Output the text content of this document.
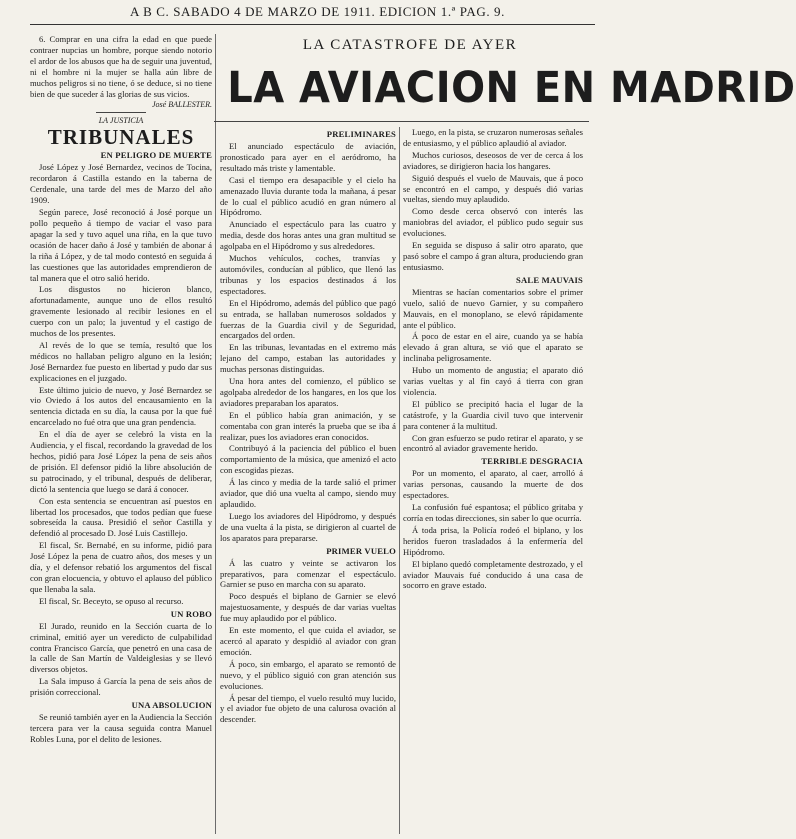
A B C. SABADO 4 DE MARZO DE 1911. EDICION 1.ª PAG. 9.

6. Comprar en una cifra la edad en que puede contraer nupcias un hombre, porque siendo notorio el ardor de los abusos que ha de seguir una juventud, ni el hombre ni la mujer se halla aún libre de muchos peligros si no tiene, ó se deduce, si no tiene bien de que suceder á las glorias de sus vicios.

José BALLESTER.
LA JUSTICIA
TRIBUNALES
EN PELIGRO DE MUERTE

José López y José Bernardez, vecinos de Tocina, recordaron á Castilla estando en la taberna de Cerdenale, una tarde del mes de Marzo del año 1909.

Según parece, José reconoció á José porque un pollo pequeño á tiempo de vaciar el vaso para apagar la sed y tuvo aquel una riña, en la que tuvo ocasión de hacer daño á José y también de abonar á la riña á López, y de tal modo contestó en seguida á las cuestiones que las autoridades emprendieron de tal manera que el otro salió herido.

Los disgustos no hicieron blanco, afortunadamente, aunque uno de ellos resultó gravemente lesionado al recibir lesiones en el cuerpo con un palo; la juventud y el castigo de muchos de los presentes.

Al revés de lo que se temía, resultó que los médicos no hallaban peligro alguno en la lesión; José Bernardez fue puesto en libertad y pudo dar sus explicaciones en el juzgado.

Este último juicio de nuevo, y José Bernardez se vio Oviedo á los autos del encausamiento en la sentencia dictada en su día, la causa por la que fué encarcelado no fué otra que una gran pendencia.

En el día de ayer se celebró la vista en la Audiencia, y el fiscal, recordando la gravedad de los hechos, pidió para José López la pena de seis años de prisión. El defensor pidió la libre absolución de su patrocinado, y el tribunal, después de deliberar, dictó la sentencia que luego se dará á conocer.

Con esta sentencia se encuentran así puestos en libertad los procesados, que todos pedían que fuese sobreseída la causa. Presidió el señor Castilla y defendió al procesado D. José Luis Castillejo.

El fiscal, Sr. Bernabé, en su informe, pidió para José López la pena de cuatro años, dos meses y un día, y el defensor rebatió los argumentos del fiscal con gran elocuencia, y obtuvo el aplauso del público que llenaba la sala.

El fiscal, Sr. Beceyto, se opuso al recurso.

UN ROBO

El Jurado, reunido en la Sección cuarta de lo criminal, emitió ayer un veredicto de culpabilidad contra Francisco García, que penetró en una casa de la calle de San Martín de Valdeiglesias y se llevó diversos objetos.

La Sala impuso á García la pena de seis años de prisión correccional.

UNA ABSOLUCION

Se reunió también ayer en la Audiencia la Sección tercera para ver la causa seguida contra Manuel Robles Luna, por el delito de lesiones.

LA CATASTROFE DE AYER
LA AVIACION EN MADRID
PRELIMINARES

El anunciado espectáculo de aviación, pronosticado para ayer en el aeródromo, ha resultado más triste y lamentable.

Casi el tiempo era desapacible y el cielo ha amenazado lluvia durante toda la mañana, á pesar de lo cual el público acudió en gran número al Hipódromo.

Anunciado el espectáculo para las cuatro y media, desde dos horas antes una gran multitud se agolpaba en el Hipódromo y sus alrededores.

Muchos vehículos, coches, tranvías y automóviles, conducían al público, que llenó las tribunas y los espacios destinados á los espectadores.

En el Hipódromo, además del público que pagó su entrada, se hallaban numerosos soldados y fuerzas de la Guardia civil y de Seguridad, encargados del orden.

En las tribunas, levantadas en el extremo más lejano del campo, estaban las autoridades y muchas personas distinguidas.

Una hora antes del comienzo, el público se agolpaba alrededor de los hangares, en los que los aviadores preparaban los aparatos.

En el público había gran animación, y se comentaba con gran interés la prueba que se iba á realizar, pues los aviadores eran conocidos.

Contribuyó á la paciencia del público el buen comportamiento de la música, que amenizó el acto con escogidas piezas.

Á las cinco y media de la tarde salió el primer aviador, que dió una vuelta al campo, siendo muy aplaudido.

Luego los aviadores del Hipódromo, y después de una vuelta á la pista, se dirigieron al cuartel de los aparatos para prepararse.

PRIMER VUELO

Á las cuatro y veinte se activaron los preparativos, para comenzar el espectáculo. Garnier se puso en marcha con su aparato.

Poco después el biplano de Garnier se elevó majestuosamente, y después de dar varias vueltas fue muy aplaudido por el público.

En este momento, el que cuida el aviador, se acercó al aparato y despidió al aviador con gran emoción.

Á poco, sin embargo, el aparato se remontó de nuevo, y el público siguió con gran atención sus evoluciones.

Á pesar del tiempo, el vuelo resultó muy lucido, y el aviador fue objeto de una calurosa ovación al descender.

Luego, en la pista, se cruzaron numerosas señales de entusiasmo, y el público aplaudió al aviador.

Muchos curiosos, deseosos de ver de cerca á los aviadores, se dirigieron hacia los hangares.

Siguió después el vuelo de Mauvais, que á poco se encontró en el campo, y después dió varias vueltas, siendo muy aplaudido.

Como desde cerca observó con interés las maniobras del aviador, el público pudo seguir sus evoluciones.

En seguida se dispuso á salir otro aparato, que pasó sobre el campo á gran altura, produciendo gran entusiasmo.

SALE MAUVAIS

Mientras se hacían comentarios sobre el primer vuelo, salió de nuevo Garnier, y su compañero Mauvais, en el monoplano, se elevó rápidamente ante el público.

Á poco de estar en el aire, cuando ya se había elevado á gran altura, se vió que el aparato se inclinaba peligrosamente.

Hubo un momento de angustia; el aparato dió varias vueltas y al fin cayó á tierra con gran violencia.

El público se precipitó hacia el lugar de la catástrofe, y la Guardia civil tuvo que intervenir para contener á la multitud.

Con gran esfuerzo se pudo retirar el aparato, y se encontró al aviador gravemente herido.

TERRIBLE DESGRACIA

Por un momento, el aparato, al caer, arrolló á varias personas, causando la muerte de dos espectadores.

La confusión fué espantosa; el público gritaba y corría en todas direcciones, sin saber lo que ocurría.

Á toda prisa, la Policía rodeó el biplano, y los heridos fueron trasladados á la enfermería del Hipódromo.

El biplano quedó completamente destrozado, y el aviador Mauvais fué conducido á una casa de socorro en grave estado.
